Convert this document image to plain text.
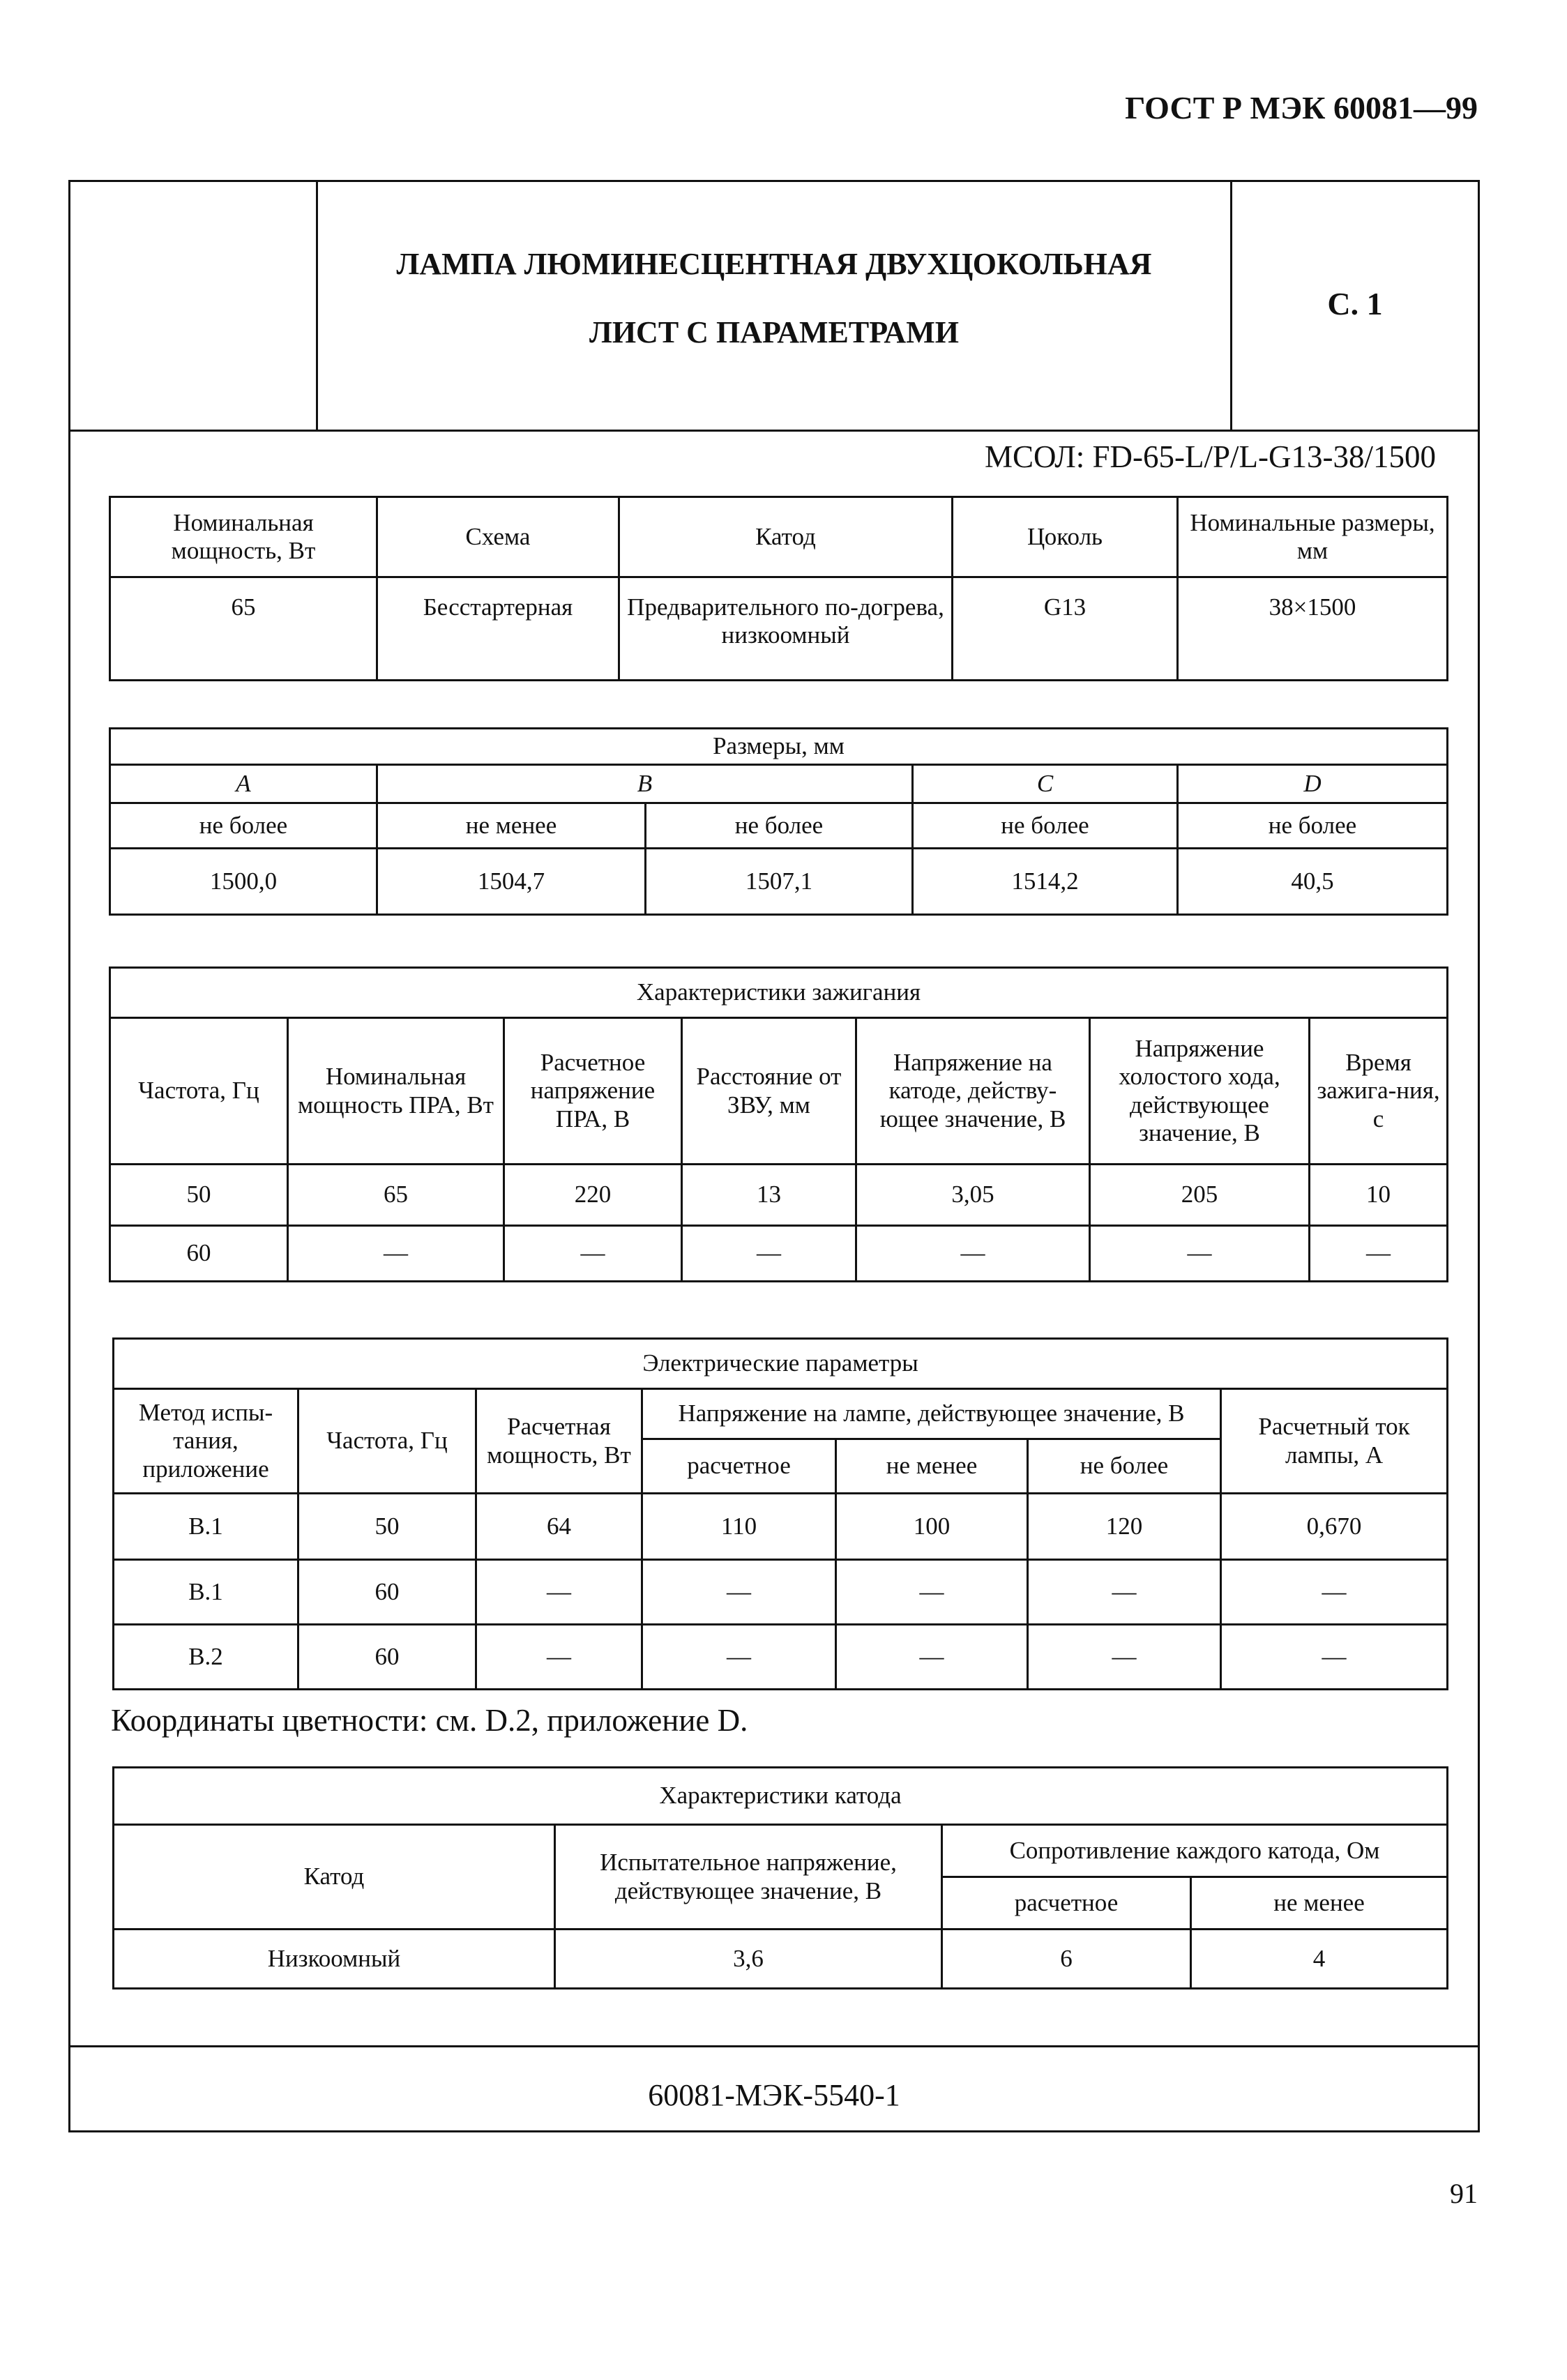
ГОСТ Р МЭК 60081—99
ЛАМПА ЛЮМИНЕСЦЕНТНАЯ ДВУХЦОКОЛЬНАЯ
ЛИСТ С ПАРАМЕТРАМИ
С. 1
МСОЛ: FD-65-L/P/L-G13-38/1500
Номинальная мощность, Вт	Схема	Катод	Цоколь	Номинальные размеры, мм
65	Бесстартерная	Предварительного по-догрева, низкоомный	G13	38×1500
Размеры, мм				
A	B		C	D
не более	не менее	не более	не более	не более
1500,0	1504,7	1507,1	1514,2	40,5
Характеристики зажигания						
Частота, Гц	Номинальная мощность ПРА, Вт	Расчетное напряжение ПРА, В	Расстояние от ЗВУ, мм	Напряжение на катоде, действу-ющее значение, В	Напряжение холостого хода, действующее значение, В	Время зажига-ния, с
50	65	220	13	3,05	205	10
60	—	—	—	—	—	—
Электрические параметры						
Метод испы-тания, приложение	Частота, Гц	Расчетная мощность, Вт	Напряжение на лампе, действующее значение, В			Расчетный ток лампы, А
			расчетное	не менее	не более	
В.1	50	64	110	100	120	0,670
В.1	60	—	—	—	—	—
В.2	60	—	—	—	—	—
Координаты цветности: см. D.2, приложение D.
Характеристики катода			
Катод	Испытательное напряжение, действующее значение, В	Сопротивление каждого катода, Ом	
		расчетное	не менее
Низкоомный	3,6	6	4
60081-МЭК-5540-1
91
